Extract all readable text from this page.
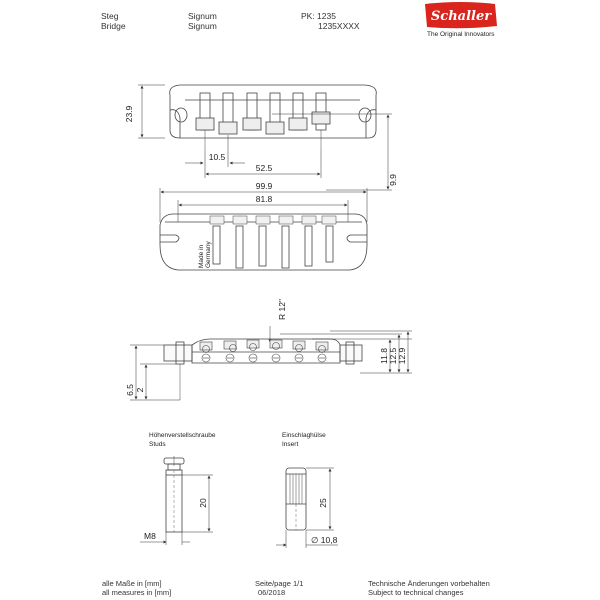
Steg
Bridge
Signum
Signum
PK: 1235
1235XXXX
Schaller
The Original Innovators
23.9
10.5
52.5
9.9
99.9
81.8
Made in Germany
R 12"
11.8 12.5 12.9
6.5 2
Höhenverstellschraube
Studs
20
M8
Einschlaghülse
Insert
25
∅ 10,8
alle Maße in [mm]
all measures in [mm]
Seite/page 1/1
06/2018
Technische Änderungen vorbehalten
Subject to technical changes
